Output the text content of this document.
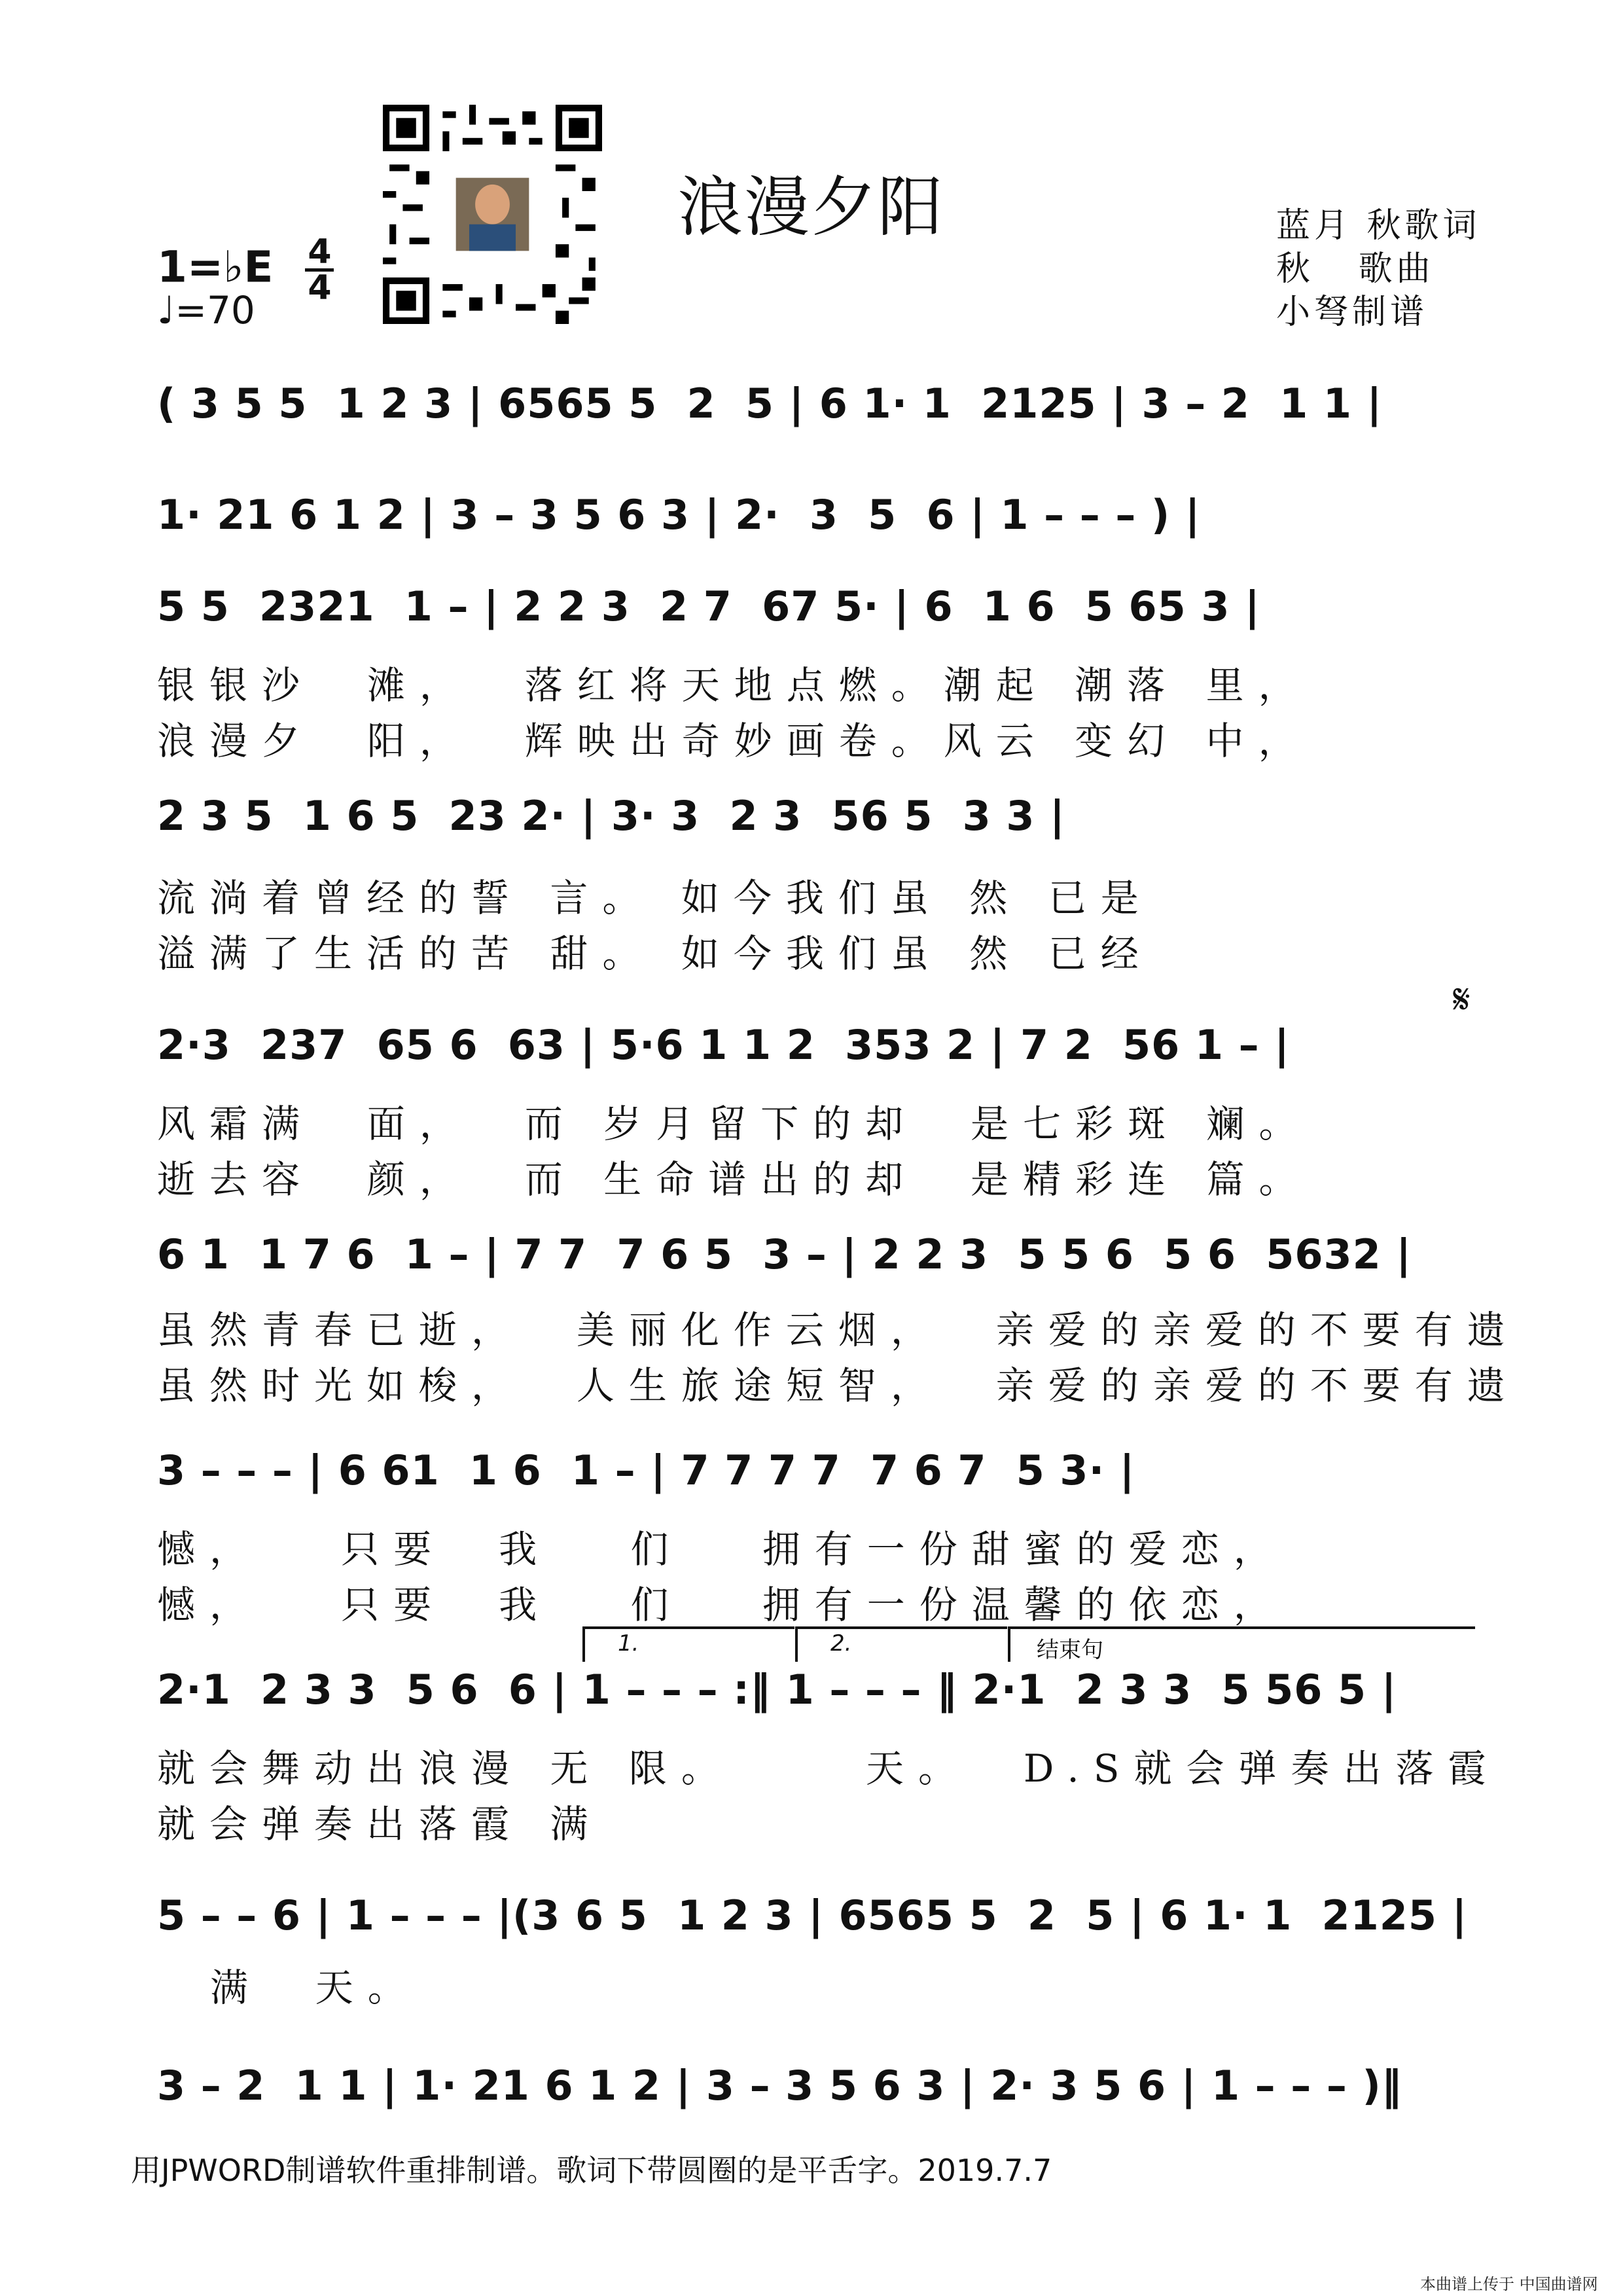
浪漫夕阳	蓝月 秋歌词
秋   歌曲
小弩制谱
1=♭E 4
4
♩=70
𝄋
( 3 5 5  1 2 3 | 6565 5  2  5 | 6 1· 1  2125 | 3 – 2  1 1 |
1· 21 6 1 2 | 3 – 3 5 6 3 | 2·  3  5  6 | 1 – – – ) |
5 5  2321  1 – | 2 2 3  2 7  67 5· | 6  1 6  5 65 3 |
银银沙  滩，  落红将天地点燃。潮起 潮落 里，
浪漫夕  阳，  辉映出奇妙画卷。风云 变幻 中，
2 3 5  1 6 5  23 2· | 3· 3  2 3  56 5  3 3 |
流淌着曾经的誓 言。 如今我们虽 然 已是
溢满了生活的苦 甜。 如今我们虽 然 已经
2·3  237  65 6  63 | 5·6 1 1 2  353 2 | 7 2  56 1 – |
风霜满  面，  而 岁月留下的却  是七彩斑 斓。
逝去容  颜，  而 生命谱出的却  是精彩连 篇。
6 1  1 7 6  1 – | 7 7  7 6 5  3 – | 2 2 3  5 5 6  5 6  5632 |
虽然青春已逝，  美丽化作云烟，  亲爱的亲爱的不要有遗
虽然时光如梭，  人生旅途短智，  亲爱的亲爱的不要有遗
3 – – – | 6 61  1 6  1 – | 7 7 7 7  7 6 7  5 3· |
憾，   只要  我   们   拥有一份甜蜜的爱恋，
憾，   只要  我   们   拥有一份温馨的依恋，
1.	2.	结束句
2·1  2 3 3  5 6  6 | 1 – – – :‖ 1 – – – ‖ 2·1  2 3 3  5 56 5 |
就会舞动出浪漫 无 限。     天。  D.S就会弹奏出落霞
就会弹奏出落霞 满
5 – – 6 | 1 – – – |(3 6 5  1 2 3 | 6565 5  2  5 | 6 1· 1  2125 |
满  天。
3 – 2  1 1 | 1· 21 6 1 2 | 3 – 3 5 6 3 | 2· 3 5 6 | 1 – – – )‖
用JPWORD制谱软件重排制谱。歌词下带圆圈的是平舌字。2019.7.7
本曲谱上传于 中国曲谱网
